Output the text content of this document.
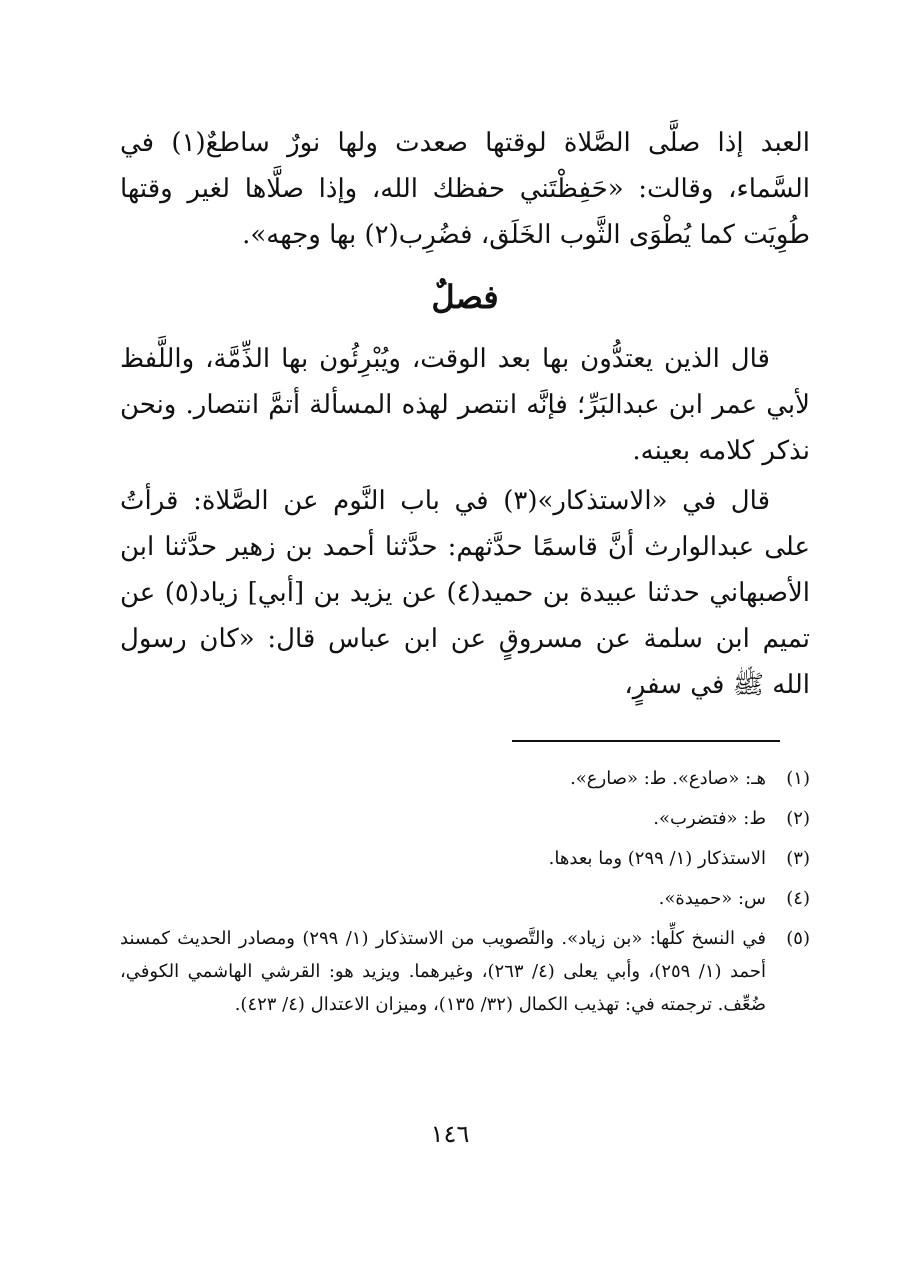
العبد إذا صلَّى الصَّلاة لوقتها صعدت ولها نورٌ ساطعٌ(١) في السَّماء، وقالت: «حَفِظْتَني حفظك الله، وإذا صلَّاها لغير وقتها طُوِيَت كما يُطْوَى الثَّوب الخَلَق، فضُرِب(٢) بها وجهه».

فصلٌ

قال الذين يعتدُّون بها بعد الوقت، ويُبْرِئُون بها الذِّمَّة، واللَّفظ لأبي عمر ابن عبدالبَرِّ؛ فإنَّه انتصر لهذه المسألة أتمَّ انتصار. ونحن نذكر كلامه بعينه.

قال في «الاستذكار»(٣) في باب النَّوم عن الصَّلاة: قرأتُ على عبدالوارث أنَّ قاسمًا حدَّثهم: حدَّثنا أحمد بن زهير حدَّثنا ابن الأصبهاني حدثنا عبيدة بن حميد(٤) عن يزيد بن [أبي] زياد(٥) عن تميم ابن سلمة عن مسروقٍ عن ابن عباس قال: «كان رسول الله ﷺ في سفرٍ،

(١)
هـ: «صادع». ط: «صارع».
(٢)
ط: «فتضرب».
(٣)
الاستذكار (١/ ٢٩٩) وما بعدها.
(٤)
س: «حميدة».
(٥)
في النسخ كلِّها: «بن زياد». والتَّصويب من الاستذكار (١/ ٢٩٩) ومصادر الحديث كمسند أحمد (١/ ٢٥٩)، وأبي يعلى (٤/ ٢٦٣)، وغيرهما. ويزيد هو: القرشي الهاشمي الكوفي، ضُعِّف. ترجمته في: تهذيب الكمال (٣٢/ ١٣٥)، وميزان الاعتدال (٤/ ٤٢٣).
١٤٦
